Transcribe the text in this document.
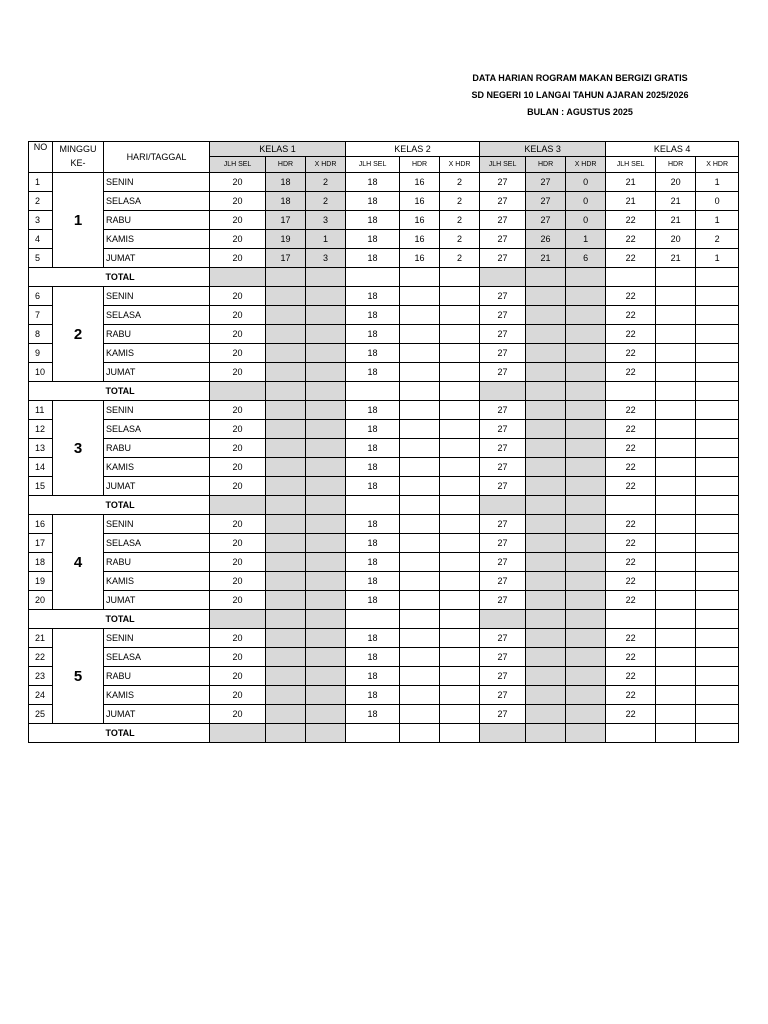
DATA HARIAN ROGRAM MAKAN BERGIZI GRATIS
SD NEGERI 10 LANGAI TAHUN AJARAN 2025/2026
BULAN : AGUSTUS 2025
NO	MINGGU KE-	HARI/TAGGAL	KELAS 1			KELAS 2			KELAS 3			KELAS 4		
			JLH SEL	HDR	X HDR	JLH SEL	HDR	X HDR	JLH SEL	HDR	X HDR	JLH SEL	HDR	X HDR
1	1	SENIN	20	18	2	18	16	2	27	27	0	21	20	1
2		SELASA	20	18	2	18	16	2	27	27	0	21	21	0
3		RABU	20	17	3	18	16	2	27	27	0	22	21	1
4		KAMIS	20	19	1	18	16	2	27	26	1	22	20	2
5		JUMAT	20	17	3	18	16	2	27	21	6	22	21	1
		TOTAL												
6	2	SENIN	20			18			27			22		
7		SELASA	20			18			27			22		
8		RABU	20			18			27			22		
9		KAMIS	20			18			27			22		
10		JUMAT	20			18			27			22		
		TOTAL												
11	3	SENIN	20			18			27			22		
12		SELASA	20			18			27			22		
13		RABU	20			18			27			22		
14		KAMIS	20			18			27			22		
15		JUMAT	20			18			27			22		
		TOTAL												
16	4	SENIN	20			18			27			22		
17		SELASA	20			18			27			22		
18		RABU	20			18			27			22		
19		KAMIS	20			18			27			22		
20		JUMAT	20			18			27			22		
		TOTAL												
21	5	SENIN	20			18			27			22		
22		SELASA	20			18			27			22		
23		RABU	20			18			27			22		
24		KAMIS	20			18			27			22		
25		JUMAT	20			18			27			22		
		TOTAL												
